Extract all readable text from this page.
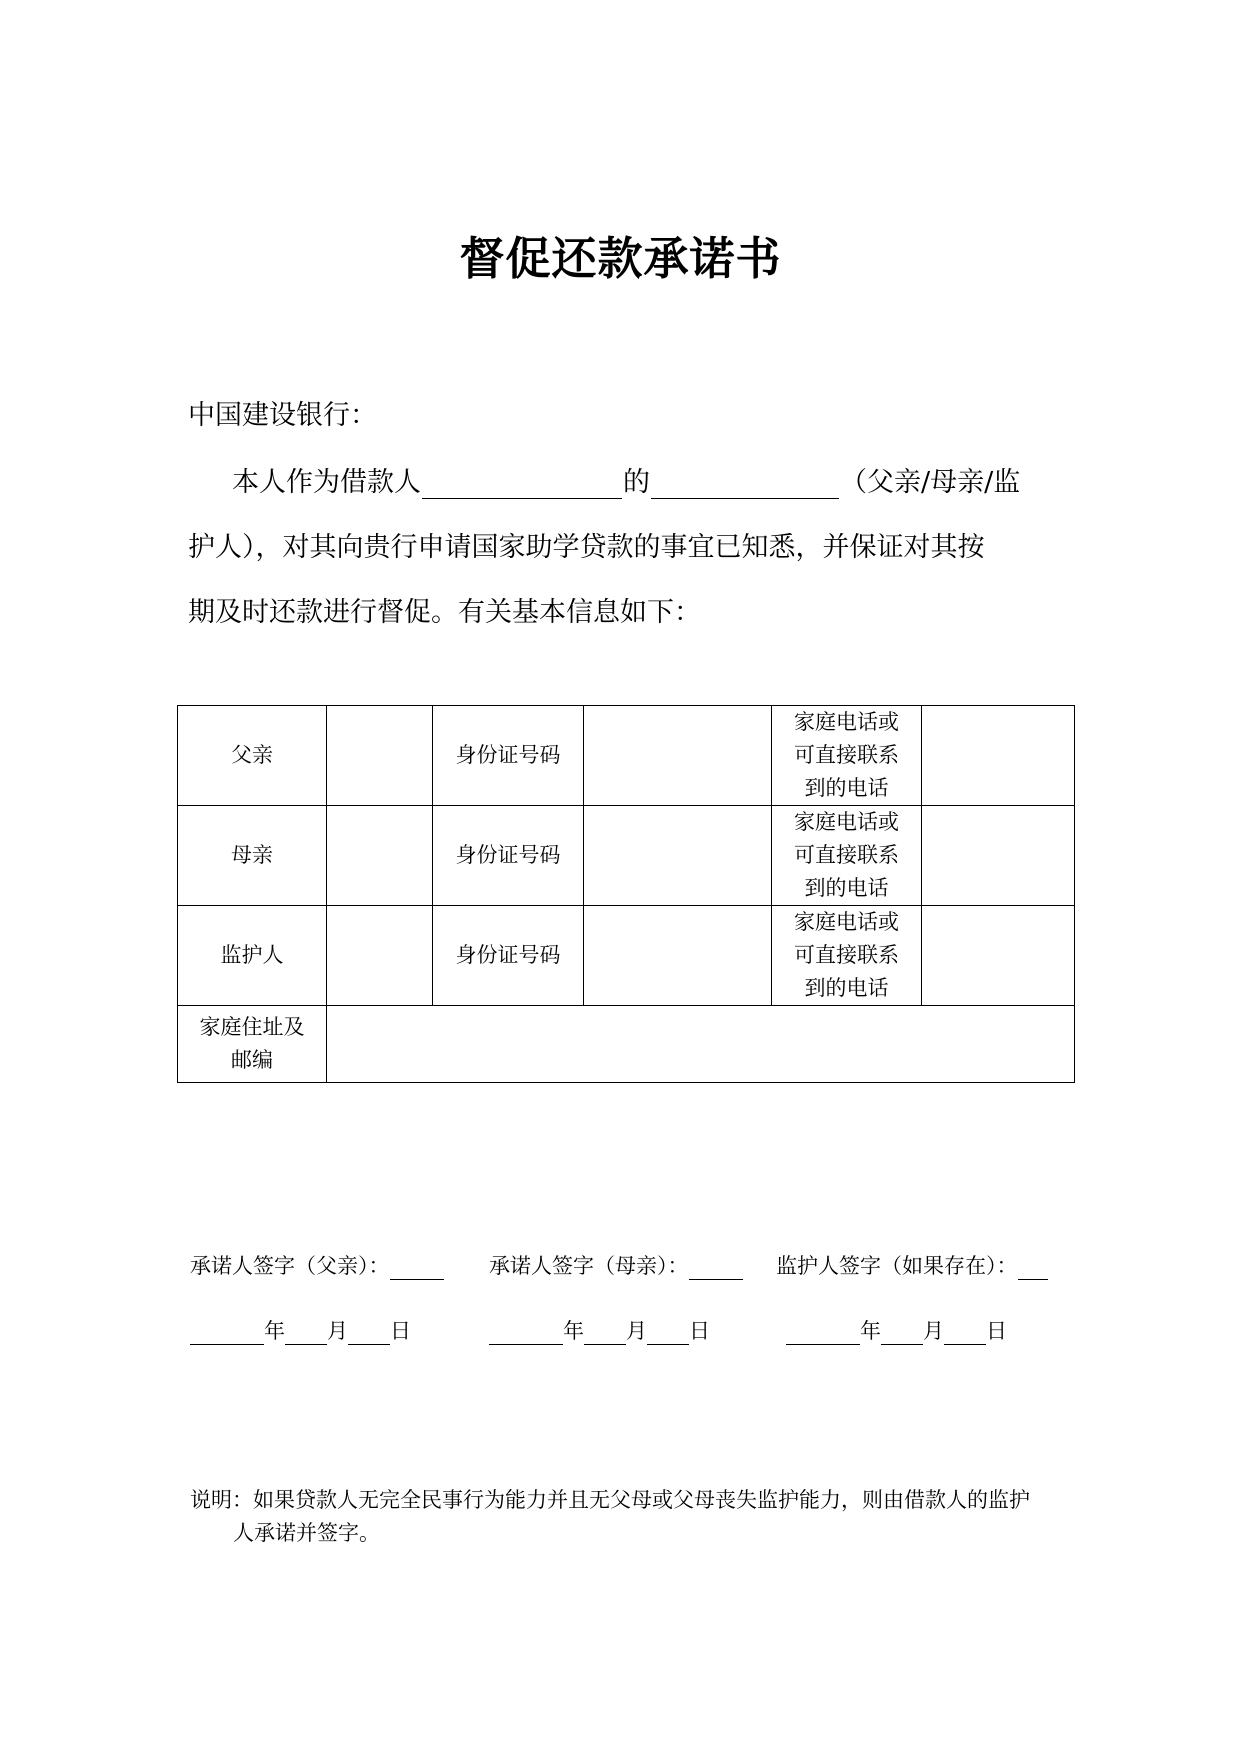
督促还款承诺书
中国建设银行：
本人作为借款人	的	（父亲/母亲/监
护人），对其向贵行申请国家助学贷款的事宜已知悉，并保证对其按
期及时还款进行督促。有关基本信息如下：
父亲		身份证号码		家庭电话或可直接联系到的电话	
母亲		身份证号码		家庭电话或可直接联系到的电话	
监护人		身份证号码		家庭电话或可直接联系到的电话	
家庭住址及邮编					
承诺人签字（父亲）：	承诺人签字（母亲）：	监护人签字（如果存在）：
年 月 日	年 月 日	年 月 日
说明：如果贷款人无完全民事行为能力并且无父母或父母丧失监护能力，则由借款人的监护
人承诺并签字。
